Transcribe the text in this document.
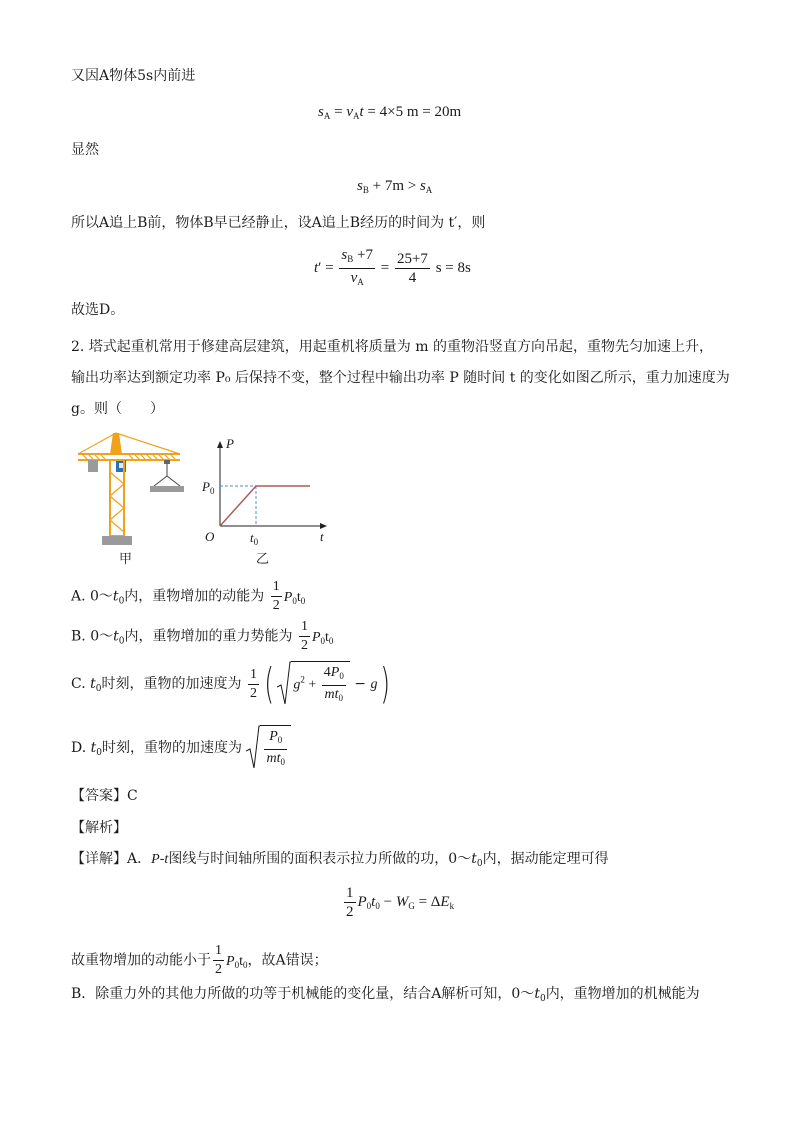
又因A物体5s内前进
$s_A = v_At = 4\times 5$ m = 20m
显然
$s_B + 7m > s_A$
所以A追上B前，物体B早已经静止，设A追上B经历的时间为 t′，则
$t' = \frac{s_B +7}{v_A} = \frac{25+7}{4}$ s = 8s
故选D。
2. 塔式起重机常用于修建高层建筑，用起重机将质量为 m 的重物沿竖直方向吊起，重物先匀加速上升，
输出功率达到额定功率 P₀ 后保持不变，整个过程中输出功率 P 随时间 t 的变化如图乙所示，重力加速度为
g。则（　　）
甲
P
t
O
$P_0$
$t_0$
乙
A. $0\sim t_0$内，重物增加的动能为 $\frac{1}{2} P_0t_0$
B. $0\sim t_0$内，重物增加的重力势能为 $\frac{1}{2} P_0t_0$
C. $t_0$时刻，重物的加速度为 $\frac{1}{2}$ ( $g^2 + \frac{4P_0}{mt_0} - g$)
D. $t_0$时刻，重物的加速度为 $\frac{P_0}{mt_0}$
【答案】C
【解析】
【详解】A．P-t图线与时间轴所围的面积表示拉力所做的功，$0\sim t_0$内，据动能定理可得
$\frac{1}{2} P_0t_0 - W_G = \Delta E_k$
故重物增加的动能小于 $\frac{1}{2} P_0t_0$，故A错误；
B．除重力外的其他力所做的功等于机械能的变化量，结合A解析可知，$0\sim t_0$内，重物增加的机械能为
